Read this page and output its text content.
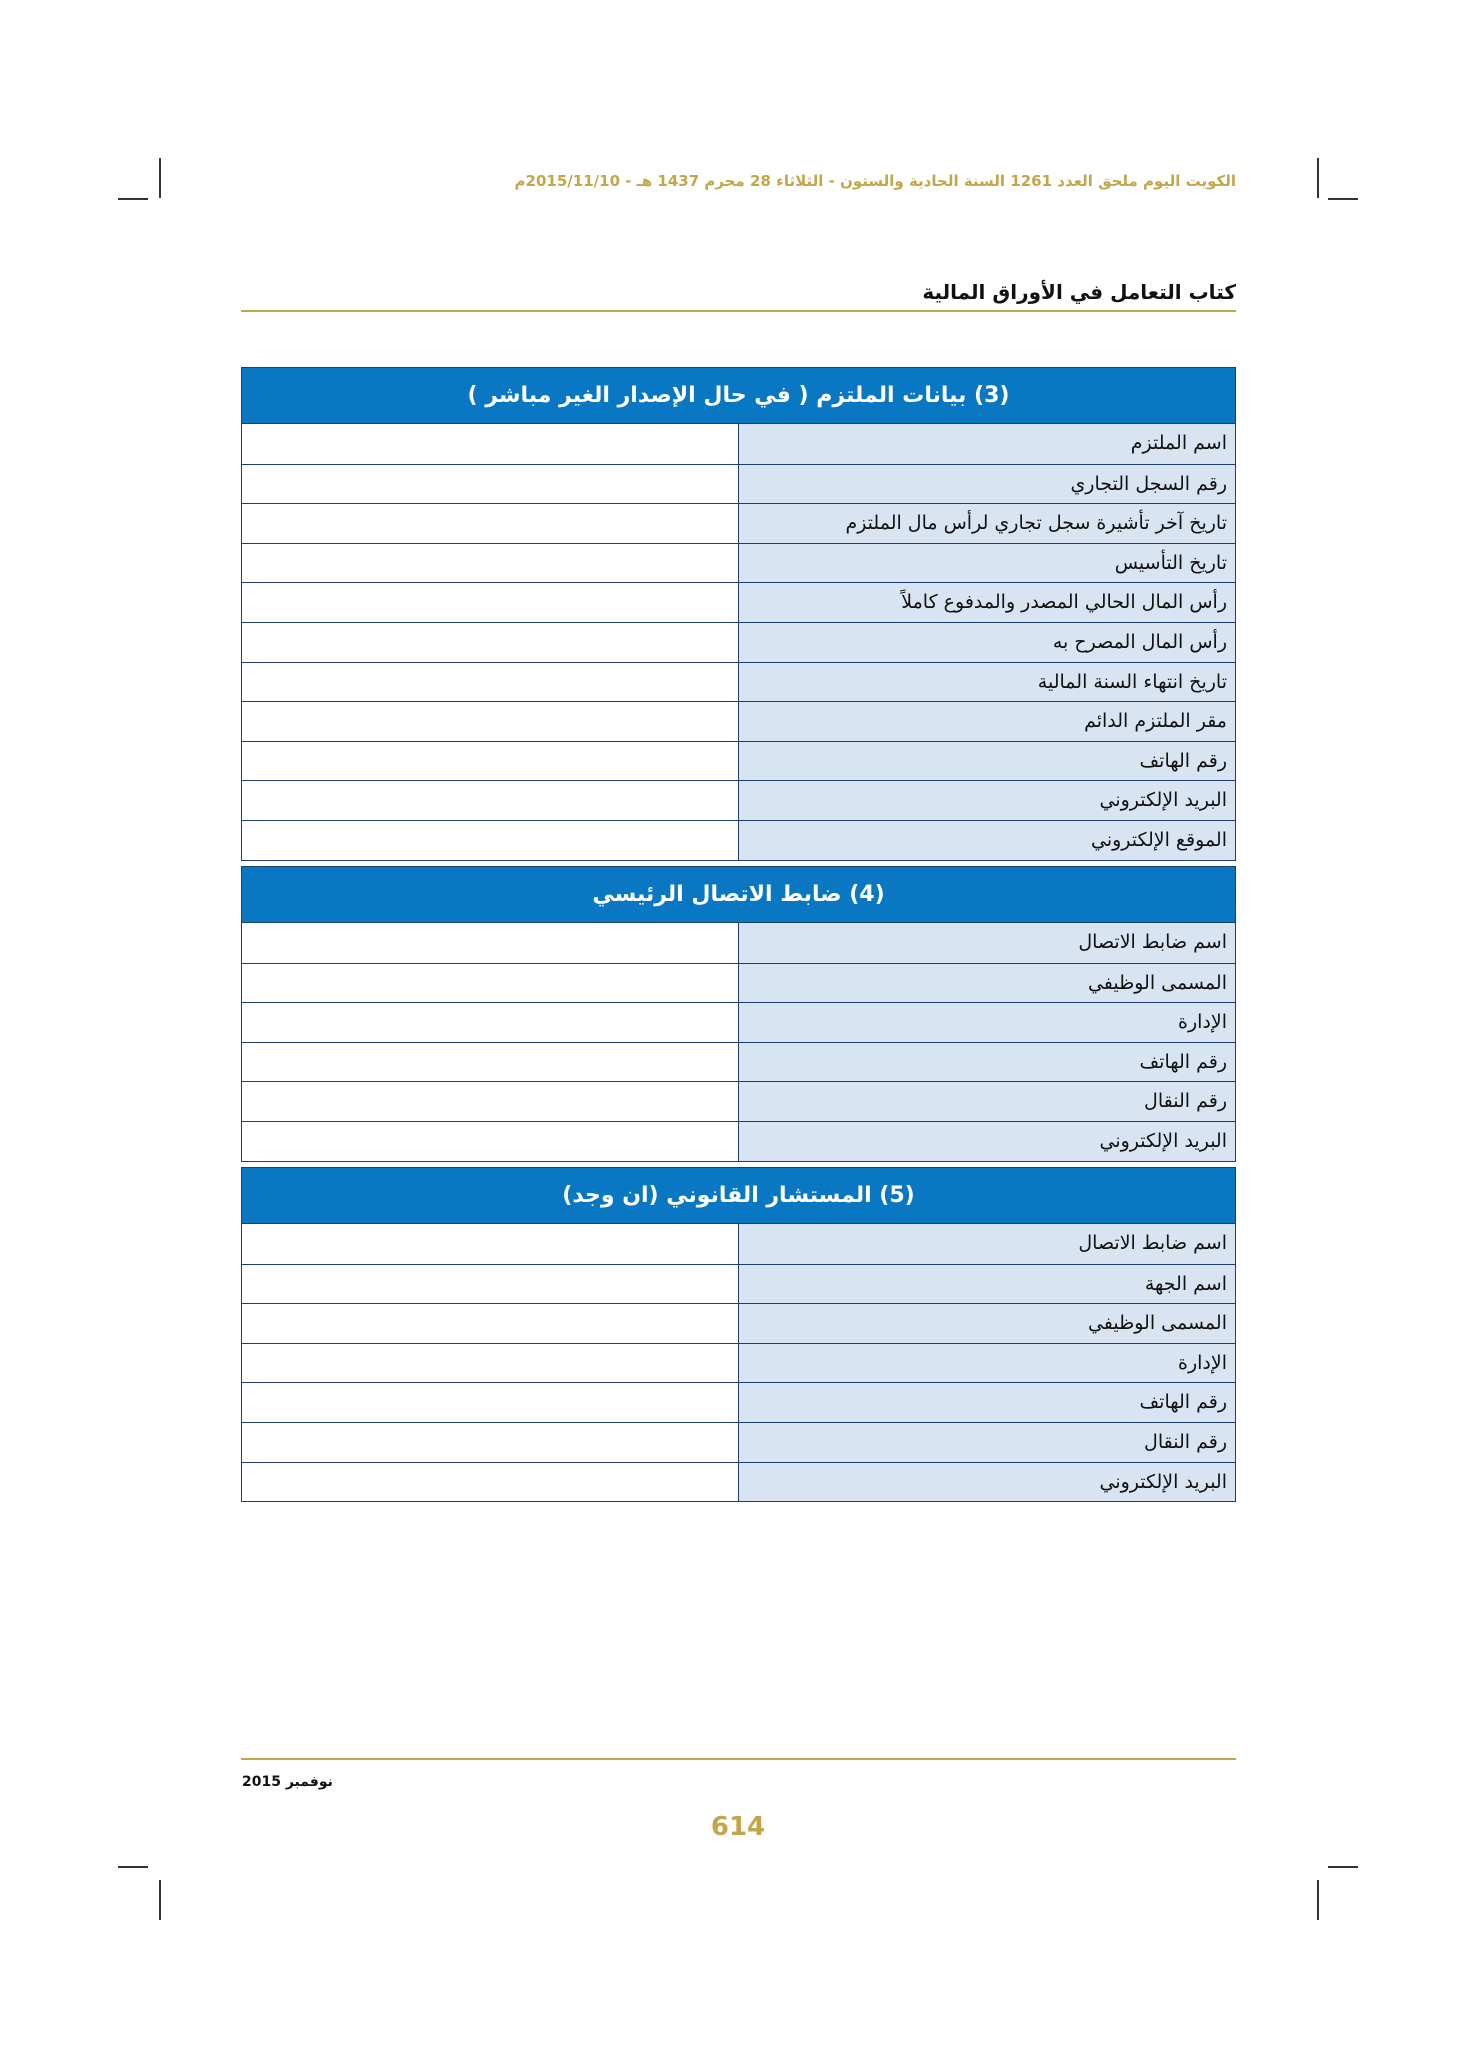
الكويت اليوم ملحق العدد 1261 السنة الحادية والستون - الثلاثاء 28 محرم 1437 هـ - 2015/11/10م
كتاب التعامل في الأوراق المالية
(3) بيانات الملتزم ( في حال الإصدار الغير مباشر )
اسم الملتزم
رقم السجل التجاري
تاريخ آخر تأشيرة سجل تجاري لرأس مال الملتزم
تاريخ التأسيس
رأس المال الحالي المصدر والمدفوع كاملاً
رأس المال المصرح به
تاريخ انتهاء السنة المالية
مقر الملتزم الدائم
رقم الهاتف
البريد الإلكتروني
الموقع الإلكتروني
(4) ضابط الاتصال الرئيسي
اسم ضابط الاتصال
المسمى الوظيفي
الإدارة
رقم الهاتف
رقم النقال
البريد الإلكتروني
(5) المستشار القانوني (ان وجد)
اسم ضابط الاتصال
اسم الجهة
المسمى الوظيفي
الإدارة
رقم الهاتف
رقم النقال
البريد الإلكتروني
نوفمبر 2015
614
